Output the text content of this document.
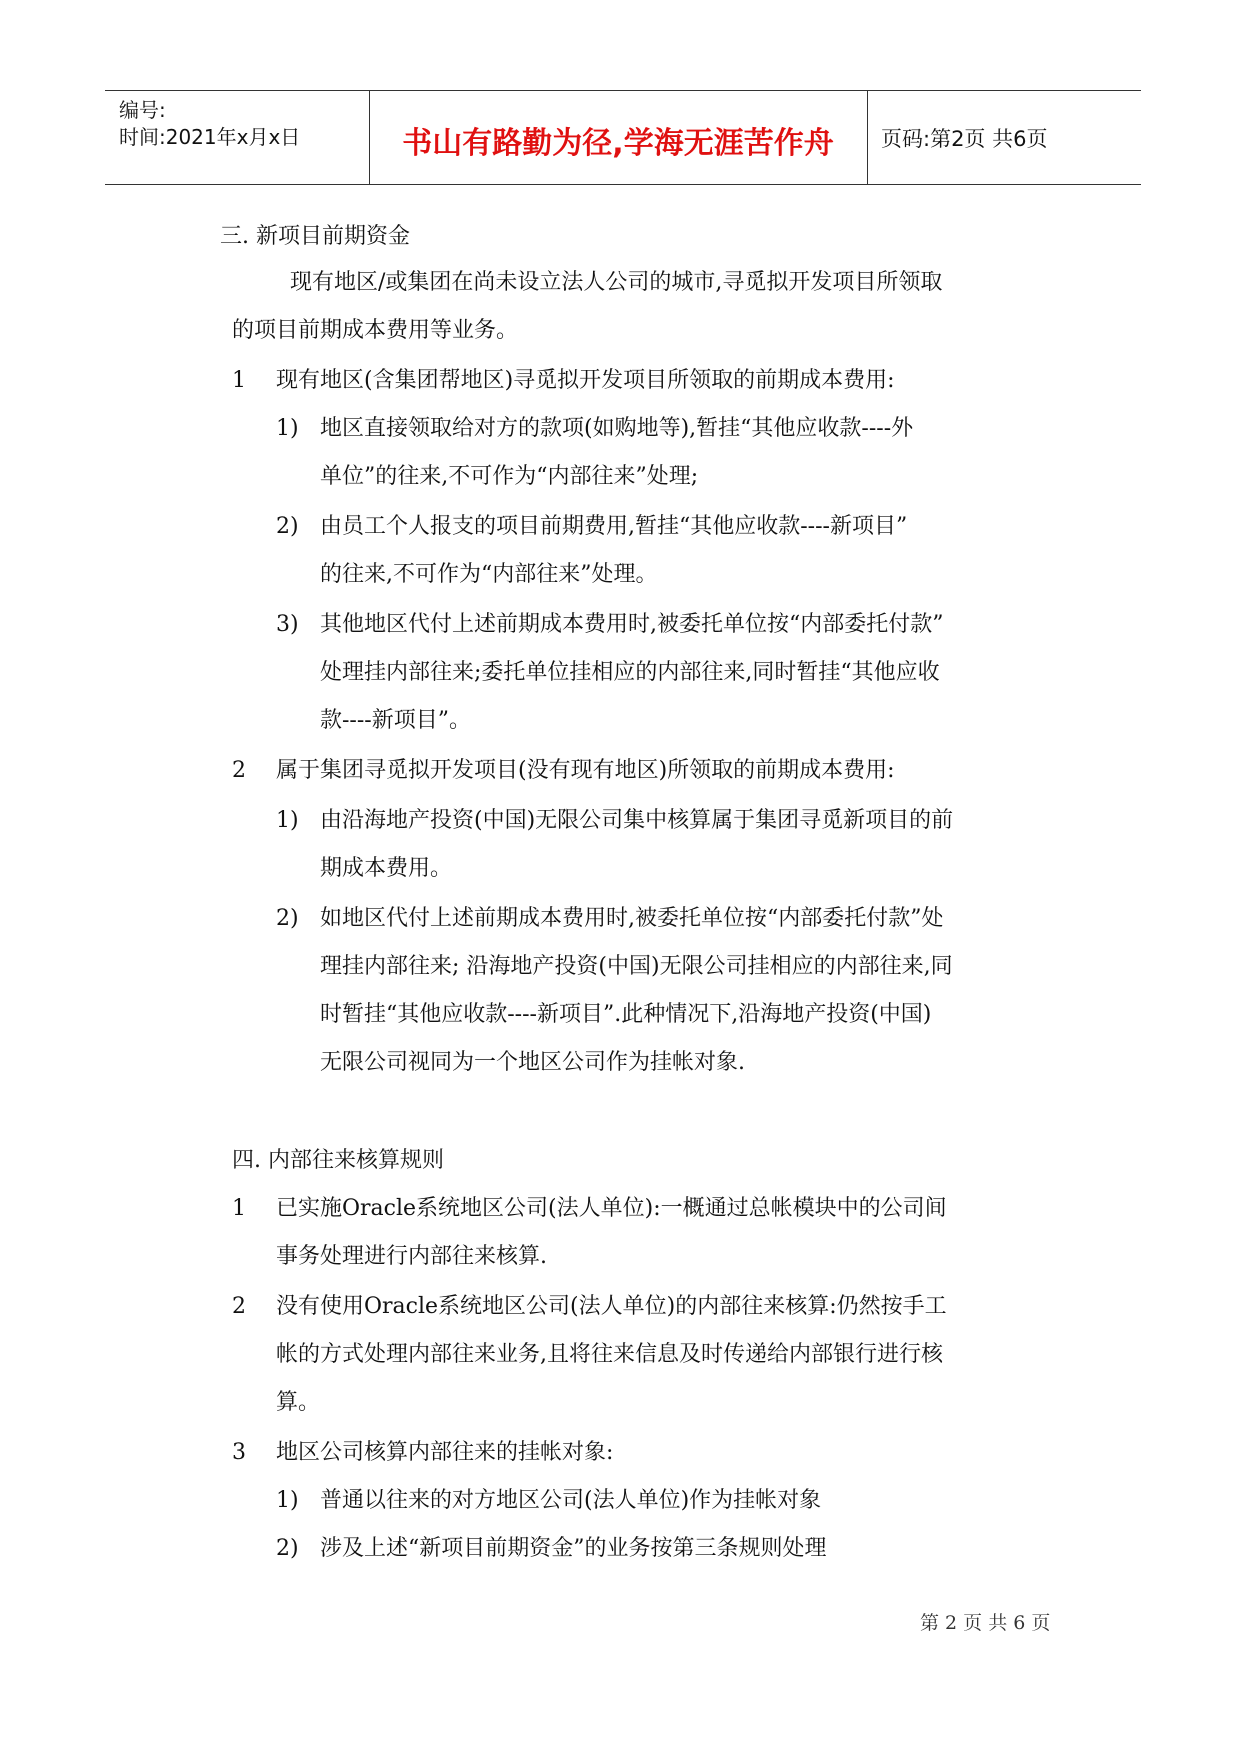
编号:
时间:2021年x月x日	书山有路勤为径,学海无涯苦作舟	页码:第2页 共6页
三. 新项目前期资金
现有地区/或集团在尚未设立法人公司的城市,寻觅拟开发项目所领取
的项目前期成本费用等业务。
1 现有地区(含集团帮地区)寻觅拟开发项目所领取的前期成本费用:
1) 地区直接领取给对方的款项(如购地等),暂挂“其他应收款----外
单位”的往来,不可作为“内部往来”处理;
2) 由员工个人报支的项目前期费用,暂挂“其他应收款----新项目”
的往来,不可作为“内部往来”处理。
3) 其他地区代付上述前期成本费用时,被委托单位按“内部委托付款”
处理挂内部往来;委托单位挂相应的内部往来,同时暂挂“其他应收
款----新项目”。
2 属于集团寻觅拟开发项目(没有现有地区)所领取的前期成本费用:
1) 由沿海地产投资(中国)无限公司集中核算属于集团寻觅新项目的前
期成本费用。
2) 如地区代付上述前期成本费用时,被委托单位按“内部委托付款”处
理挂内部往来; 沿海地产投资(中国)无限公司挂相应的内部往来,同
时暂挂“其他应收款----新项目”.此种情况下,沿海地产投资(中国)
无限公司视同为一个地区公司作为挂帐对象.
四. 内部往来核算规则
1 已实施Oracle系统地区公司(法人单位):一概通过总帐模块中的公司间
事务处理进行内部往来核算.
2 没有使用Oracle系统地区公司(法人单位)的内部往来核算:仍然按手工
帐的方式处理内部往来业务,且将往来信息及时传递给内部银行进行核
算。
3 地区公司核算内部往来的挂帐对象:
1) 普通以往来的对方地区公司(法人单位)作为挂帐对象
2) 涉及上述“新项目前期资金”的业务按第三条规则处理
第 2 页 共 6 页
